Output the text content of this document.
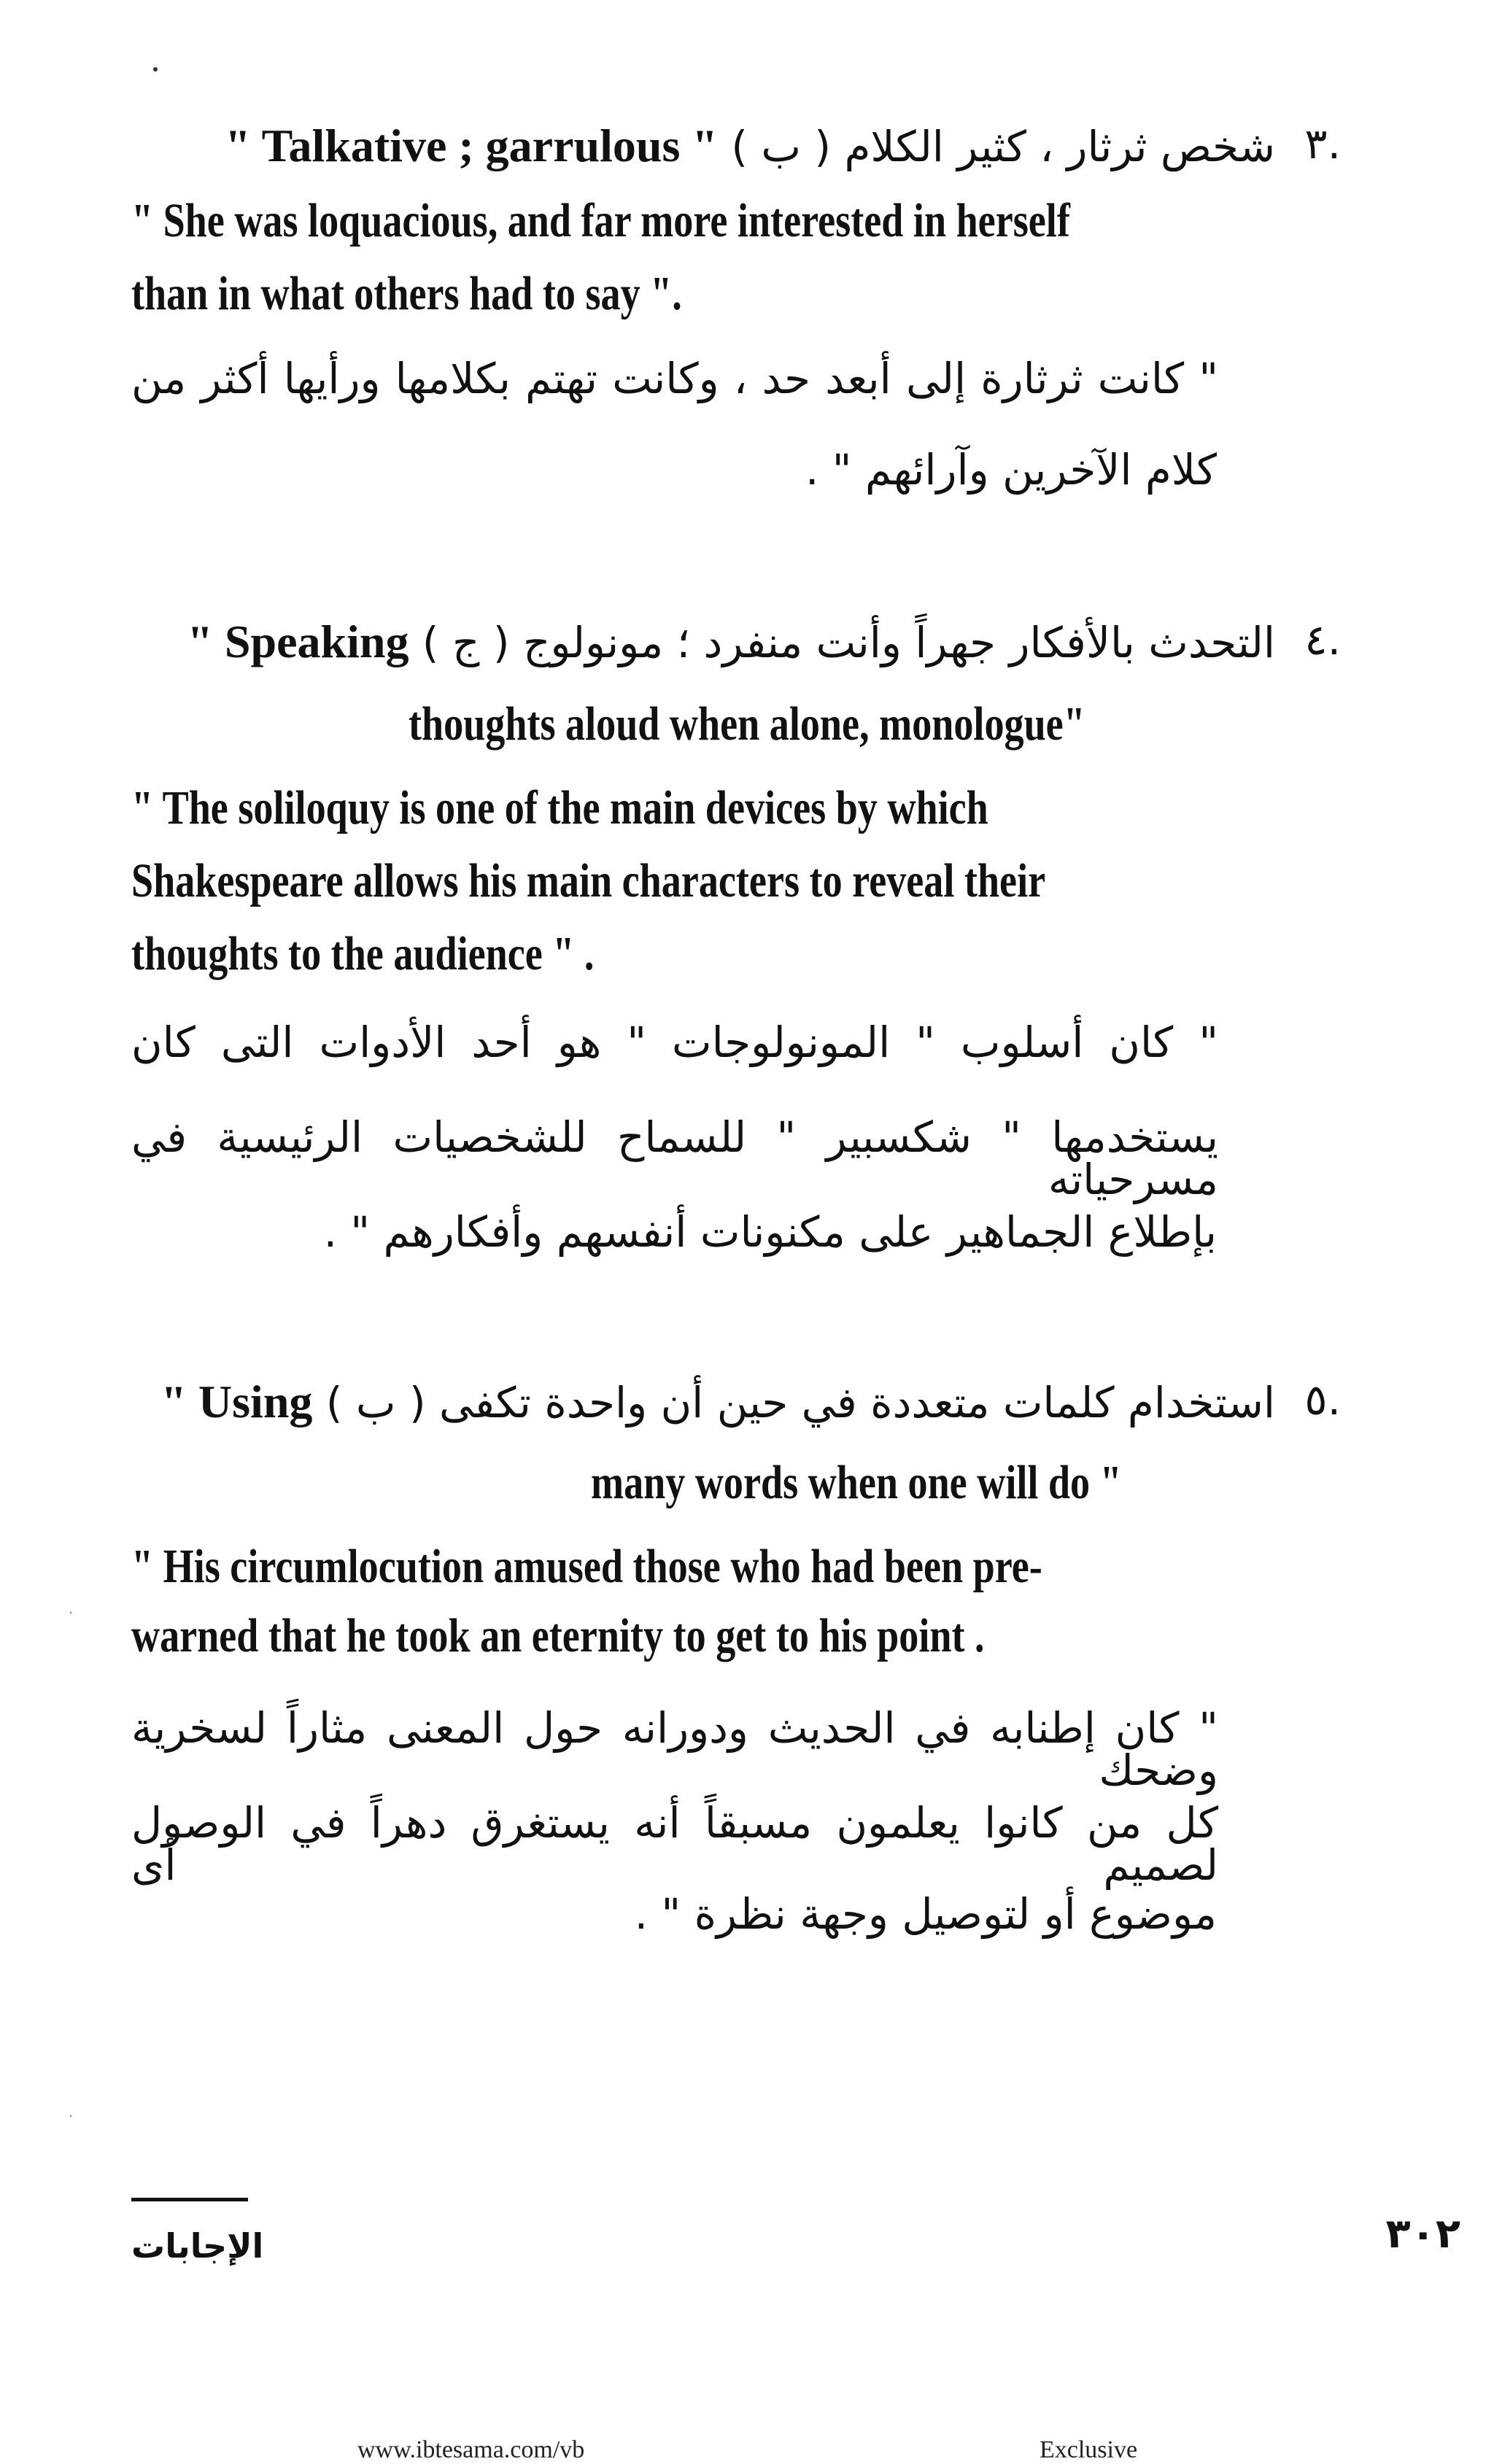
" Talkative ; garrulous " ( ب ) شخص ثرثار ، كثير الكلام ٣.
" She was loquacious, and far more interested in herself
than in what others had to say ".
" كانت ثرثارة إلى أبعد حد ، وكانت تهتم بكلامها ورأيها أكثر من
كلام الآخرين وآرائهم " .
" Speaking ( ج ) التحدث بالأفكار جهراً وأنت منفرد ؛ مونولوج ٤.
thoughts aloud when alone, monologue"
" The soliloquy is one of the main devices by which
Shakespeare allows his main characters to reveal their
thoughts to the audience " .
" كان أسلوب " المونولوجات " هو أحد الأدوات التى كان
يستخدمها " شكسبير " للسماح للشخصيات الرئيسية في مسرحياته
بإطلاع الجماهير على مكنونات أنفسهم وأفكارهم " .
" Using ( ب ) استخدام كلمات متعددة في حين أن واحدة تكفى ٥.
many words when one will do "
" His circumlocution amused those who had been pre-
warned that he took an eternity to get to his point .
" كان إطنابه في الحديث ودورانه حول المعنى مثاراً لسخرية وضحك
كل من كانوا يعلمون مسبقاً أنه يستغرق دهراً في الوصول لصميم أى
موضوع أو لتوصيل وجهة نظرة " .
الإجابات	٣٠٢
www.ibtesama.com/vb	Exclusive
